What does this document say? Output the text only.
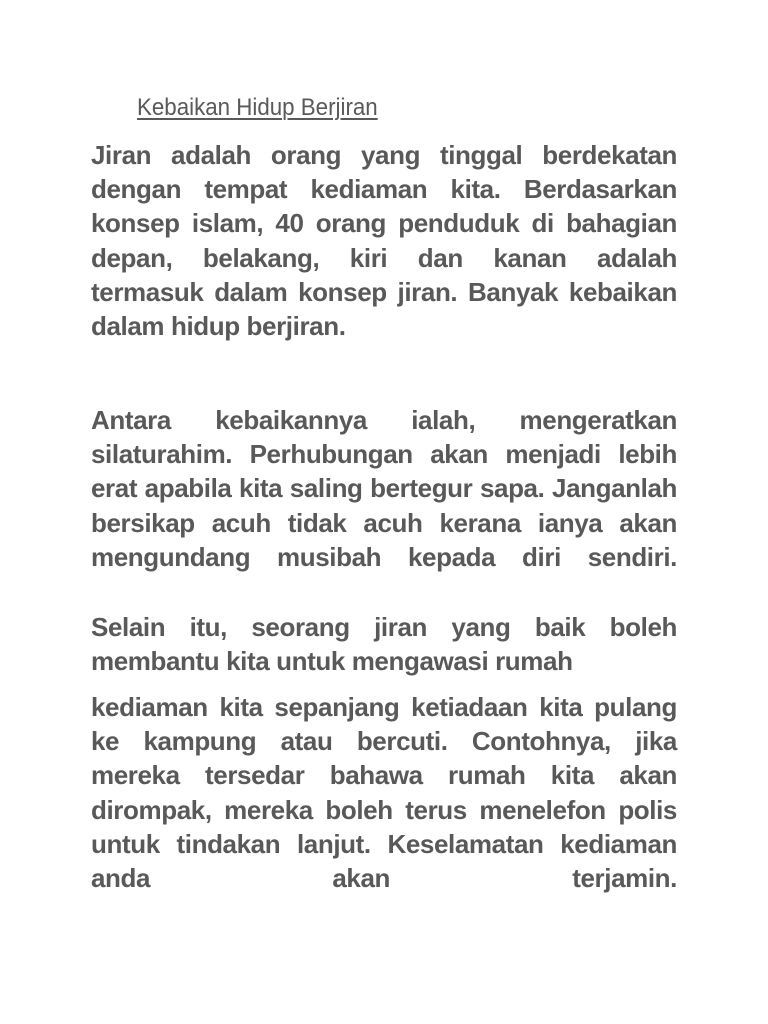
Kebaikan Hidup Berjiran

Jiran adalah orang yang tinggal berdekatan dengan tempat kediaman kita. Berdasarkan konsep islam, 40 orang penduduk di bahagian depan, belakang, kiri dan kanan adalah termasuk dalam konsep jiran. Banyak kebaikan dalam hidup berjiran.

Antara kebaikannya ialah, mengeratkan silaturahim. Perhubungan akan menjadi lebih erat apabila kita saling bertegur sapa. Janganlah bersikap acuh tidak acuh kerana ianya akan mengundang musibah kepada diri sendiri.

Selain itu, seorang jiran yang baik boleh membantu kita untuk mengawasi rumah

kediaman kita sepanjang ketiadaan kita pulang ke kampung atau bercuti. Contohnya, jika mereka tersedar bahawa rumah kita akan dirompak, mereka boleh terus menelefon polis untuk tindakan lanjut. Keselamatan kediaman anda akan terjamin.
